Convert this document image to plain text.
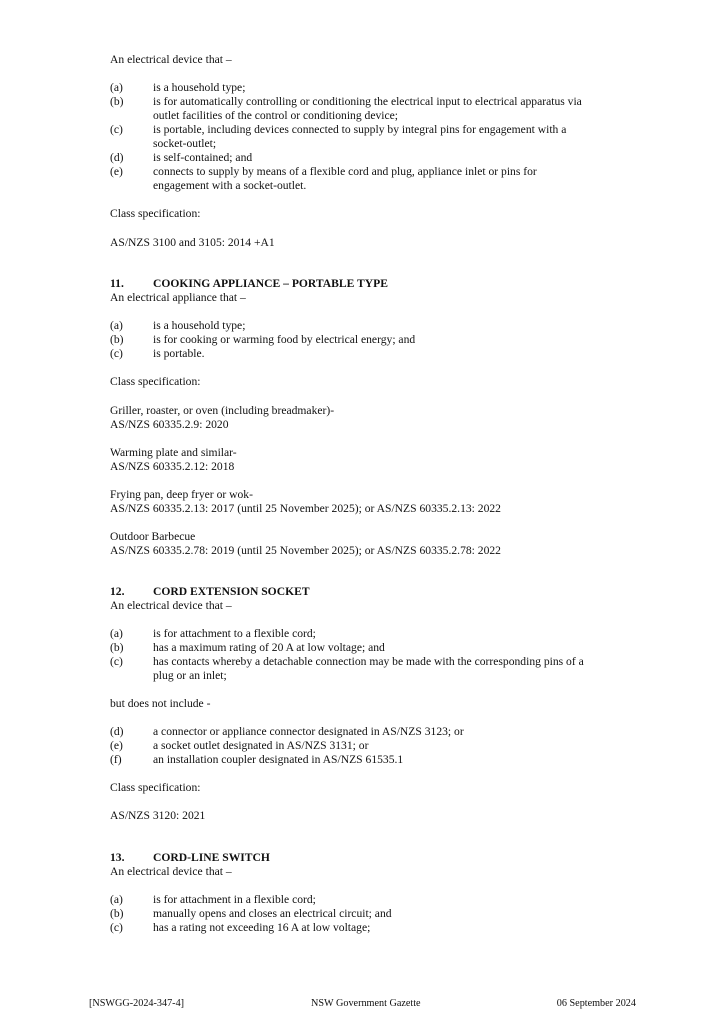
An electrical device that –
(a)	is a household type;
(b)	is for automatically controlling or conditioning the electrical input to electrical apparatus via
outlet facilities of the control or conditioning device;
(c)	is portable, including devices connected to supply by integral pins for engagement with a
socket-outlet;
(d)	is self-contained; and
(e)	connects to supply by means of a flexible cord and plug, appliance inlet or pins for
engagement with a socket-outlet.
Class specification:
AS/NZS 3100 and 3105: 2014 +A1
11.	COOKING APPLIANCE – PORTABLE TYPE
An electrical appliance that –
(a)	is a household type;
(b)	is for cooking or warming food by electrical energy; and
(c)	is portable.
Class specification:
Griller, roaster, or oven (including breadmaker)-
AS/NZS 60335.2.9: 2020
Warming plate and similar-
AS/NZS 60335.2.12: 2018
Frying pan, deep fryer or wok-
AS/NZS 60335.2.13: 2017 (until 25 November 2025); or AS/NZS 60335.2.13: 2022
Outdoor Barbecue
AS/NZS 60335.2.78: 2019 (until 25 November 2025); or AS/NZS 60335.2.78: 2022
12. CORD EXTENSION SOCKET
An electrical device that –
(a)	is for attachment to a flexible cord;
(b)	has a maximum rating of 20 A at low voltage; and
(c)	has contacts whereby a detachable connection may be made with the corresponding pins of a
plug or an inlet;
but does not include -
(d)	a connector or appliance connector designated in AS/NZS 3123; or
(e)	a socket outlet designated in AS/NZS 3131; or
(f)	an installation coupler designated in AS/NZS 61535.1
Class specification:
AS/NZS 3120: 2021
13. CORD-LINE SWITCH
An electrical device that –
(a)	is for attachment in a flexible cord;
(b)	manually opens and closes an electrical circuit; and
(c)	has a rating not exceeding 16 A at low voltage;
[NSWGG-2024-347-4]	NSW Government Gazette	06 September 2024
